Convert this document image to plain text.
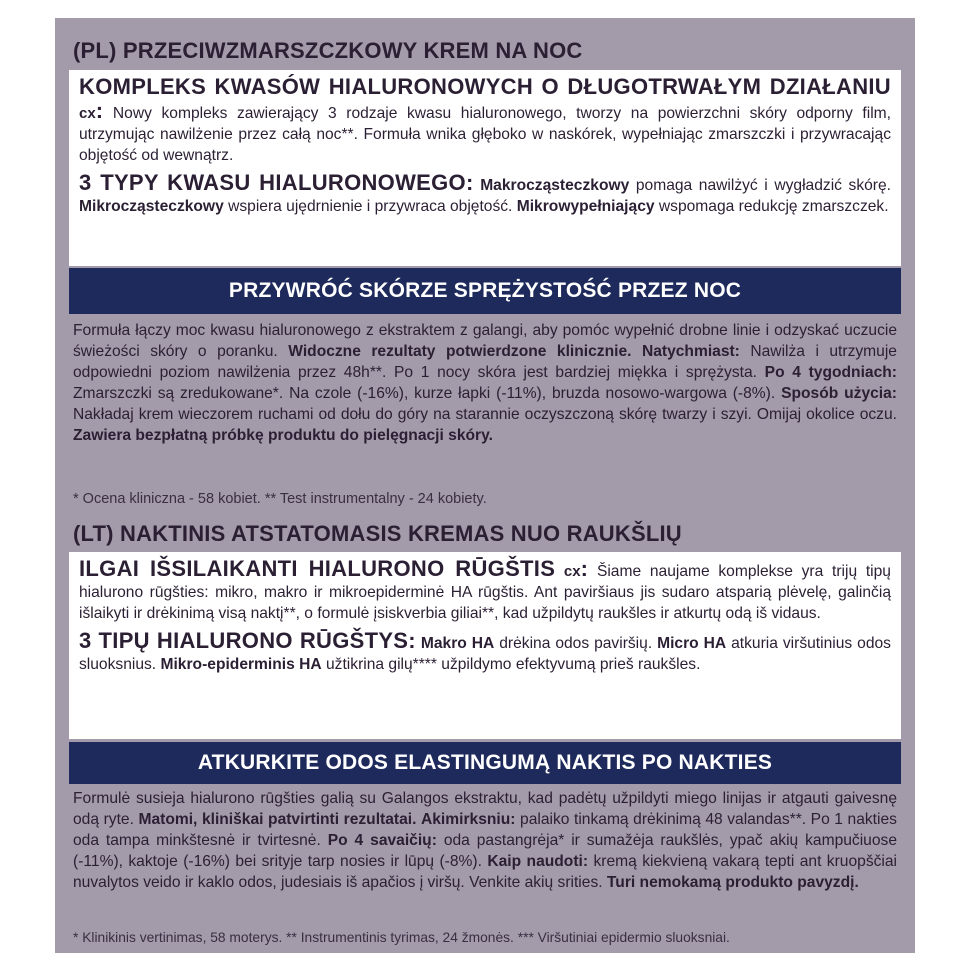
(PL) PRZECIWZMARSZCZKOWY KREM NA NOC

KOMPLEKS KWASÓW HIALURONOWYCH O DŁUGOTRWAŁYM DZIAŁANIU cx: Nowy kompleks zawierający 3 rodzaje kwasu hialuronowego, tworzy na powierzchni skóry odporny film, utrzymując nawilżenie przez całą noc**. Formuła wnika głęboko w naskórek, wypełniając zmarszczki i przywracając objętość od wewnątrz.

3 TYPY KWASU HIALURONOWEGO: Makrocząsteczkowy pomaga nawilżyć i wygładzić skórę. Mikrocząsteczkowy wspiera ujędrnienie i przywraca objętość. Mikrowypełniający wspomaga redukcję zmarszczek.

PRZYWRÓĆ SKÓRZE SPRĘŻYSTOŚĆ PRZEZ NOC
Formuła łączy moc kwasu hialuronowego z ekstraktem z galangi, aby pomóc wypełnić drobne linie i odzyskać uczucie świeżości skóry o poranku. Widoczne rezultaty potwierdzone klinicznie. Natychmiast: Nawilża i utrzymuje odpowiedni poziom nawilżenia przez 48h**. Po 1 nocy skóra jest bardziej miękka i sprężysta. Po 4 tygodniach: Zmarszczki są zredukowane*. Na czole (-16%), kurze łapki (-11%), bruzda nosowo-wargowa (-8%). Sposób użycia: Nakładaj krem wieczorem ruchami od dołu do góry na starannie oczyszczoną skórę twarzy i szyi. Omijaj okolice oczu. Zawiera bezpłatną próbkę produktu do pielęgnacji skóry.
* Ocena kliniczna - 58 kobiet. ** Test instrumentalny - 24 kobiety.
(LT) NAKTINIS ATSTATOMASIS KREMAS NUO RAUKŠLIŲ

ILGAI IŠSILAIKANTI HIALURONO RŪGŠTIS cx: Šiame naujame komplekse yra trijų tipų hialurono rūgšties: mikro, makro ir mikroepiderminė HA rūgštis. Ant paviršiaus jis sudaro atsparią plėvelę, galinčią išlaikyti ir drėkinimą visą naktį**, o formulė įsiskverbia giliai**, kad užpildytų raukšles ir atkurtų odą iš vidaus.

3 TIPŲ HIALURONO RŪGŠTYS: Makro HA drėkina odos paviršių. Micro HA atkuria viršutinius odos sluoksnius. Mikro-epiderminis HA užtikrina gilų**** užpildymo efektyvumą prieš raukšles.

ATKURKITE ODOS ELASTINGUMĄ NAKTIS PO NAKTIES
Formulė susieja hialurono rūgšties galią su Galangos ekstraktu, kad padėtų užpildyti miego linijas ir atgauti gaivesnę odą ryte. Matomi, kliniškai patvirtinti rezultatai. Akimirksniu: palaiko tinkamą drėkinimą 48 valandas**. Po 1 nakties oda tampa minkštesnė ir tvirtesnė. Po 4 savaičių: oda pastangrėja* ir sumažėja raukšlės, ypač akių kampučiuose (-11%), kaktoje (-16%) bei srityje tarp nosies ir lūpų (-8%). Kaip naudoti: kremą kiekvieną vakarą tepti ant kruopščiai nuvalytos veido ir kaklo odos, judesiais iš apačios į viršų. Venkite akių srities. Turi nemokamą produkto pavyzdį.
* Klinikinis vertinimas, 58 moterys. ** Instrumentinis tyrimas, 24 žmonės. *** Viršutiniai epidermio sluoksniai.
